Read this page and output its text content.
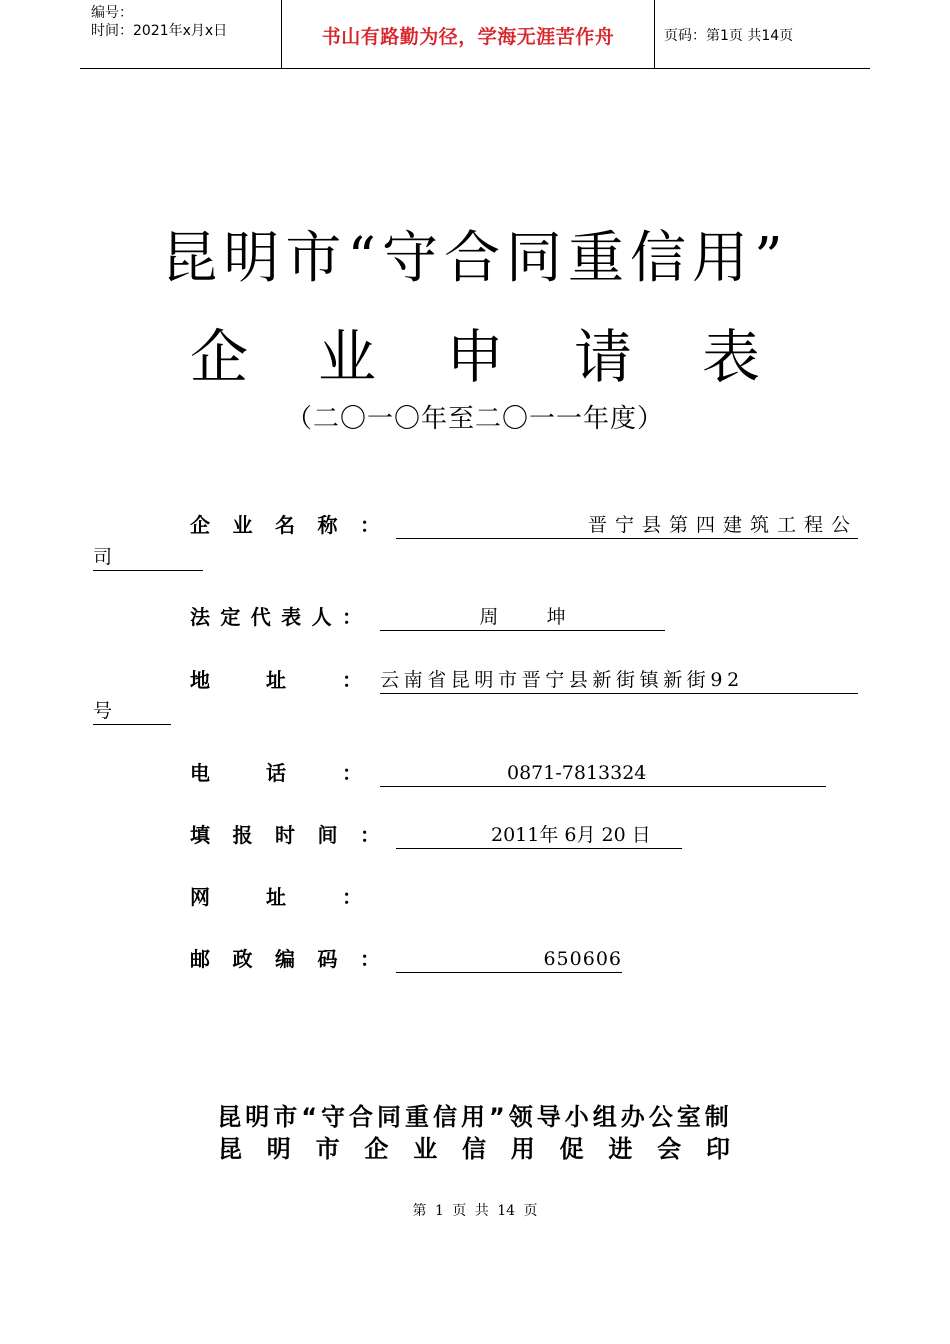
编号：
时间：2021年x月x日	书山有路勤为径，学海无涯苦作舟	页码：第1页 共14页
昆明市“守合同重信用”
企 业 申 请 表
（二〇一〇年至二〇一一年度）
企 业 名 称 ：	晋宁县第四建筑工程公
司
法 定 代 表 人 ：	周        坤
地	址	： 云南省昆明市晋宁县新街镇新街92
号
电	话	：	0871-7813324
填 报 时 间 ：	2011年 6月 20 日
网	址	：
邮 政 编 码 ：	650606
昆明市“守合同重信用”领导小组办公室制
昆 明 市 企 业 信 用 促 进 会 印
第 1 页 共 14 页
